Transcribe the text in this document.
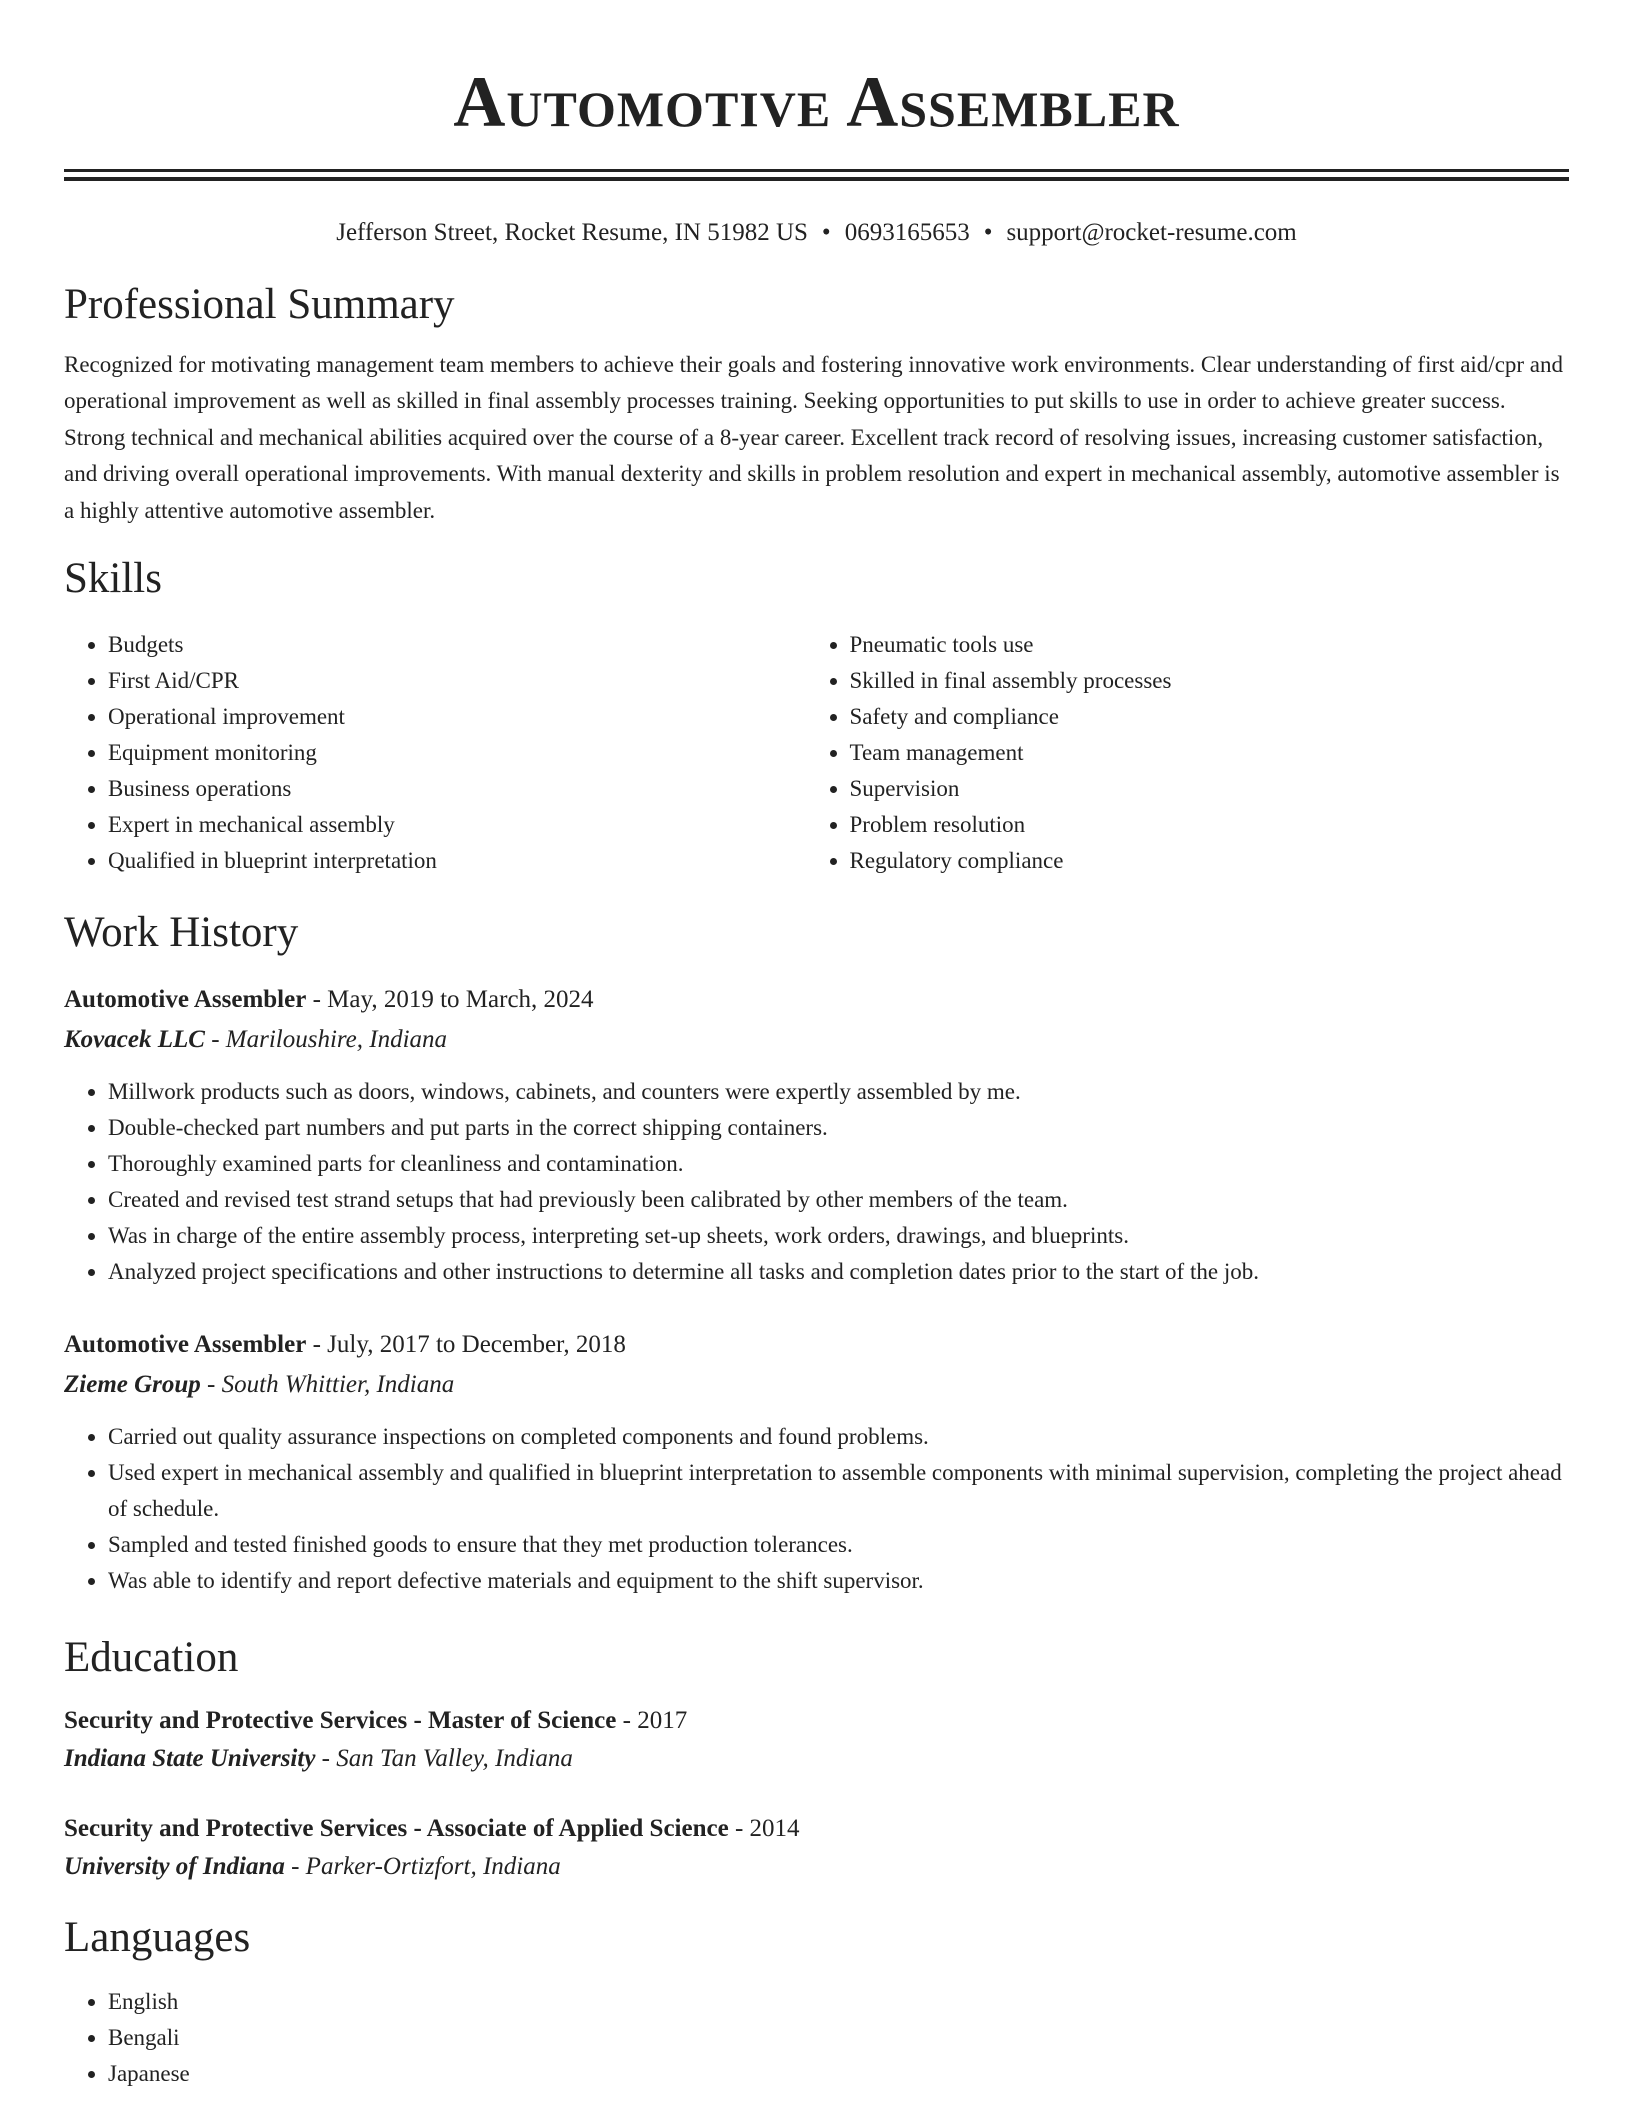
Automotive Assembler
Jefferson Street, Rocket Resume, IN 51982 US • 0693165653 • support@rocket-resume.com
Professional Summary

Recognized for motivating management team members to achieve their goals and fostering innovative work environments. Clear understanding of first aid/cpr and operational improvement as well as skilled in final assembly processes training. Seeking opportunities to put skills to use in order to achieve greater success. Strong technical and mechanical abilities acquired over the course of a 8-year career. Excellent track record of resolving issues, increasing customer satisfaction, and driving overall operational improvements. With manual dexterity and skills in problem resolution and expert in mechanical assembly, automotive assembler is a highly attentive automotive assembler.

Skills
• Budgets
• First Aid/CPR
• Operational improvement
• Equipment monitoring
• Business operations
• Expert in mechanical assembly
• Qualified in blueprint interpretation
• Pneumatic tools use
• Skilled in final assembly processes
• Safety and compliance
• Team management
• Supervision
• Problem resolution
• Regulatory compliance
Work History
Automotive Assembler - May, 2019 to March, 2024
Kovacek LLC - Mariloushire, Indiana
• Millwork products such as doors, windows, cabinets, and counters were expertly assembled by me.
• Double-checked part numbers and put parts in the correct shipping containers.
• Thoroughly examined parts for cleanliness and contamination.
• Created and revised test strand setups that had previously been calibrated by other members of the team.
• Was in charge of the entire assembly process, interpreting set-up sheets, work orders, drawings, and blueprints.
• Analyzed project specifications and other instructions to determine all tasks and completion dates prior to the start of the job.
Automotive Assembler - July, 2017 to December, 2018
Zieme Group - South Whittier, Indiana
• Carried out quality assurance inspections on completed components and found problems.
• Used expert in mechanical assembly and qualified in blueprint interpretation to assemble components with minimal supervision, completing the project ahead of schedule.
• Sampled and tested finished goods to ensure that they met production tolerances.
• Was able to identify and report defective materials and equipment to the shift supervisor.
Education
Security and Protective Services - Master of Science - 2017
Indiana State University - San Tan Valley, Indiana
Security and Protective Services - Associate of Applied Science - 2014
University of Indiana - Parker-Ortizfort, Indiana
Languages
• English
• Bengali
• Japanese
